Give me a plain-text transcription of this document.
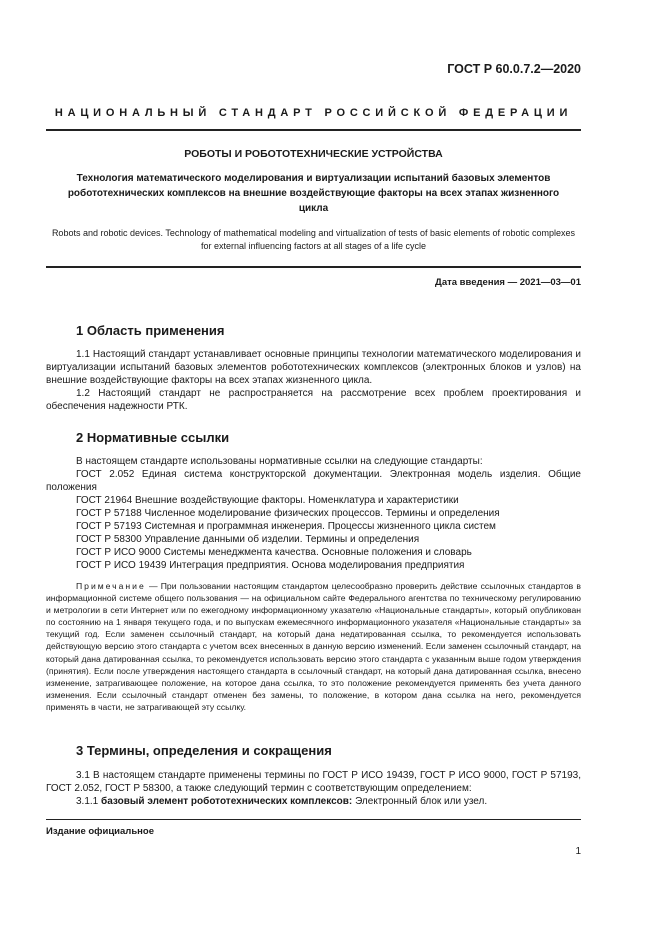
ГОСТ Р 60.0.7.2—2020
НАЦИОНАЛЬНЫЙ СТАНДАРТ РОССИЙСКОЙ ФЕДЕРАЦИИ
РОБОТЫ И РОБОТОТЕХНИЧЕСКИЕ УСТРОЙСТВА
Технология математического моделирования и виртуализации испытаний базовых элементов робототехнических комплексов на внешние воздействующие факторы на всех этапах жизненного цикла
Robots and robotic devices. Technology of mathematical modeling and virtualization of tests of basic elements of robotic complexes for external influencing factors at all stages of a life cycle
Дата введения — 2021—03—01
1 Область применения
1.1 Настоящий стандарт устанавливает основные принципы технологии математического моделирования и виртуализации испытаний базовых элементов робототехнических комплексов (электронных блоков и узлов) на внешние воздействующие факторы на всех этапах жизненного цикла.
1.2 Настоящий стандарт не распространяется на рассмотрение всех проблем проектирования и обеспечения надежности РТК.
2 Нормативные ссылки
В настоящем стандарте использованы нормативные ссылки на следующие стандарты:
ГОСТ 2.052 Единая система конструкторской документации. Электронная модель изделия. Общие положения
ГОСТ 21964 Внешние воздействующие факторы. Номенклатура и характеристики
ГОСТ Р 57188 Численное моделирование физических процессов. Термины и определения
ГОСТ Р 57193 Системная и программная инженерия. Процессы жизненного цикла систем
ГОСТ Р 58300 Управление данными об изделии. Термины и определения
ГОСТ Р ИСО 9000 Системы менеджмента качества. Основные положения и словарь
ГОСТ Р ИСО 19439 Интеграция предприятия. Основа моделирования предприятия
Примечание — При пользовании настоящим стандартом целесообразно проверить действие ссылочных стандартов в информационной системе общего пользования — на официальном сайте Федерального агентства по техническому регулированию и метрологии в сети Интернет или по ежегодному информационному указателю «Национальные стандарты», который опубликован по состоянию на 1 января текущего года, и по выпускам ежемесячного информационного указателя «Национальные стандарты» за текущий год. Если заменен ссылочный стандарт, на который дана недатированная ссылка, то рекомендуется использовать действующую версию этого стандарта с учетом всех внесенных в данную версию изменений. Если заменен ссылочный стандарт, на который дана датированная ссылка, то рекомендуется использовать версию этого стандарта с указанным выше годом утверждения (принятия). Если после утверждения настоящего стандарта в ссылочный стандарт, на который дана датированная ссылка, внесено изменение, затрагивающее положение, на которое дана ссылка, то это положение рекомендуется применять без учета данного изменения. Если ссылочный стандарт отменен без замены, то положение, в котором дана ссылка на него, рекомендуется применять в части, не затрагивающей эту ссылку.
3 Термины, определения и сокращения
3.1 В настоящем стандарте применены термины по ГОСТ Р ИСО 19439, ГОСТ Р ИСО 9000, ГОСТ Р 57193, ГОСТ 2.052, ГОСТ Р 58300, а также следующий термин с соответствующим определением:
3.1.1 базовый элемент робототехнических комплексов: Электронный блок или узел.
Издание официальное
1
